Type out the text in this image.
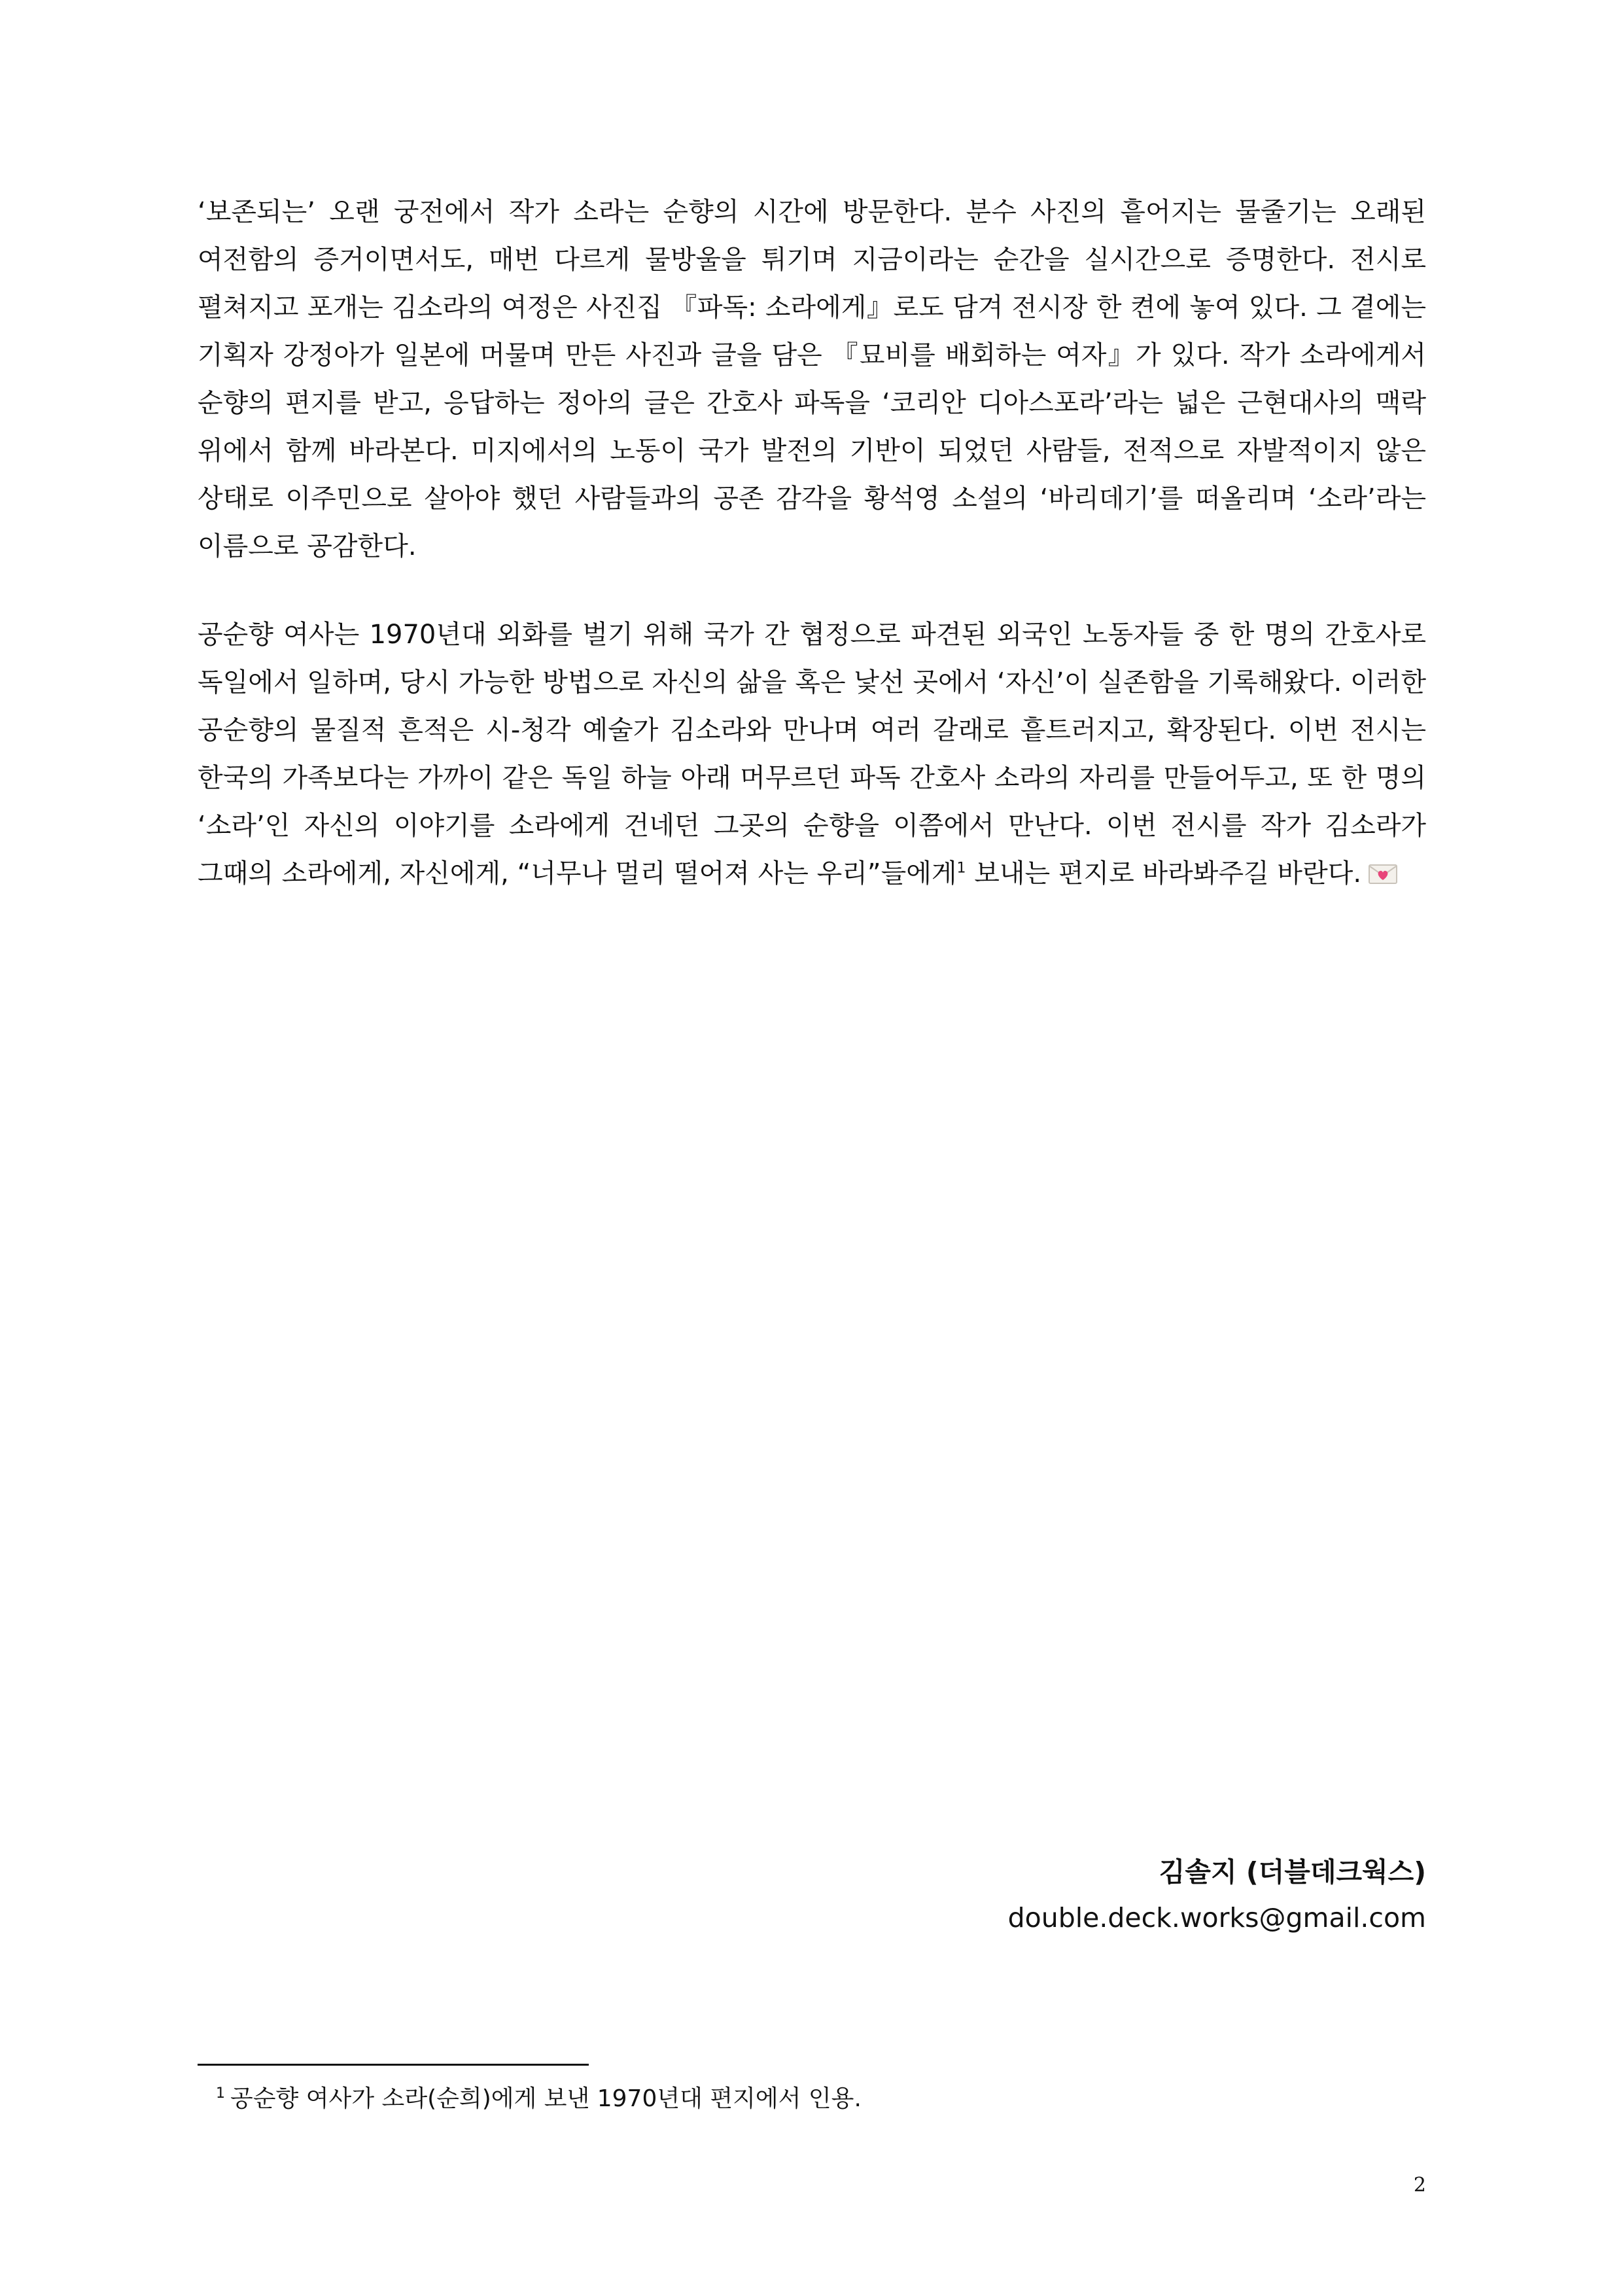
‘보존되는’ 오랜 궁전에서 작가 소라는 순향의 시간에 방문한다. 분수 사진의 흩어지는 물줄기는 오래된 여전함의 증거이면서도, 매번 다르게 물방울을 튀기며 지금이라는 순간을 실시간으로 증명한다. 전시로 펼쳐지고 포개는 김소라의 여정은 사진집 『파독: 소라에게』로도 담겨 전시장 한 켠에 놓여 있다. 그 곁에는 기획자 강정아가 일본에 머물며 만든 사진과 글을 담은 『묘비를 배회하는 여자』가 있다. 작가 소라에게서 순향의 편지를 받고, 응답하는 정아의 글은 간호사 파독을 ‘코리안 디아스포라’라는 넓은 근현대사의 맥락 위에서 함께 바라본다. 미지에서의 노동이 국가 발전의 기반이 되었던 사람들, 전적으로 자발적이지 않은 상태로 이주민으로 살아야 했던 사람들과의 공존 감각을 황석영 소설의 ‘바리데기’를 떠올리며 ‘소라’라는 이름으로 공감한다.

공순향 여사는 1970년대 외화를 벌기 위해 국가 간 협정으로 파견된 외국인 노동자들 중 한 명의 간호사로 독일에서 일하며, 당시 가능한 방법으로 자신의 삶을 혹은 낯선 곳에서 ‘자신’이 실존함을 기록해왔다. 이러한 공순향의 물질적 흔적은 시-청각 예술가 김소라와 만나며 여러 갈래로 흩트러지고, 확장된다. 이번 전시는 한국의 가족보다는 가까이 같은 독일 하늘 아래 머무르던 파독 간호사 소라의 자리를 만들어두고, 또 한 명의 ‘소라’인 자신의 이야기를 소라에게 건네던 그곳의 순향을 이쯤에서 만난다. 이번 전시를 작가 김소라가 그때의 소라에게, 자신에게, “너무나 멀리 떨어져 사는 우리”들에게$^1$ 보내는 편지로 바라봐주길 바란다.

김솔지 (더블데크웍스)
double.deck.works@gmail.com
$^1$ 공순향 여사가 소라(순희)에게 보낸 1970년대 편지에서 인용.
2
